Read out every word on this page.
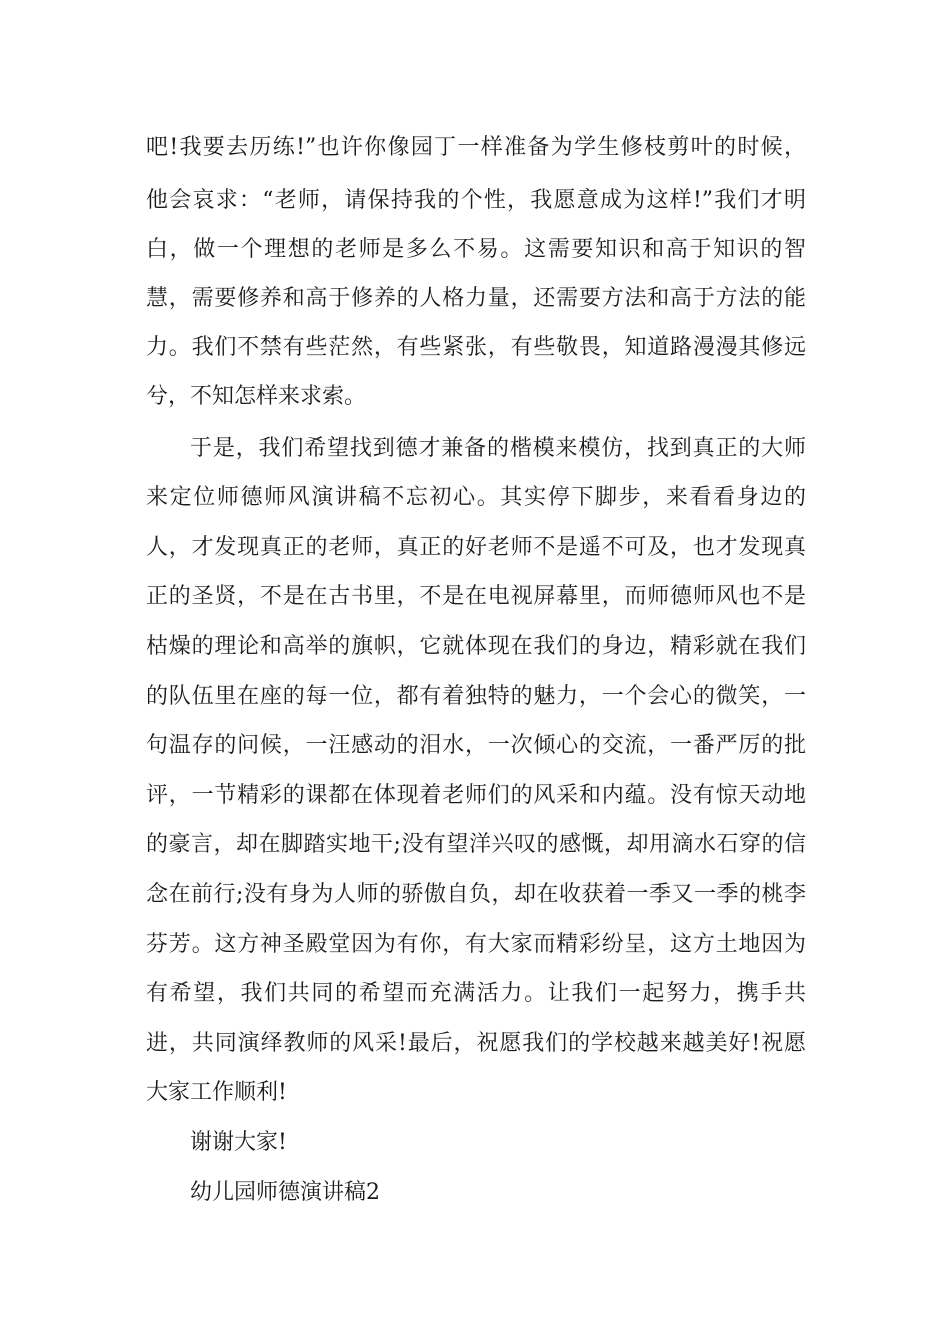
吧!我要去历练!”也许你像园丁一样准备为学生修枝剪叶的时候，
他会哀求：“老师，请保持我的个性，我愿意成为这样!”我们才明
白，做一个理想的老师是多么不易。这需要知识和高于知识的智
慧，需要修养和高于修养的人格力量，还需要方法和高于方法的能
力。我们不禁有些茫然，有些紧张，有些敬畏，知道路漫漫其修远
兮，不知怎样来求索。
于是，我们希望找到德才兼备的楷模来模仿，找到真正的大师
来定位师德师风演讲稿不忘初心。其实停下脚步，来看看身边的
人，才发现真正的老师，真正的好老师不是遥不可及，也才发现真
正的圣贤，不是在古书里，不是在电视屏幕里，而师德师风也不是
枯燥的理论和高举的旗帜，它就体现在我们的身边，精彩就在我们
的队伍里在座的每一位，都有着独特的魅力，一个会心的微笑，一
句温存的问候，一汪感动的泪水，一次倾心的交流，一番严厉的批
评，一节精彩的课都在体现着老师们的风采和内蕴。没有惊天动地
的豪言，却在脚踏实地干;没有望洋兴叹的感慨，却用滴水石穿的信
念在前行;没有身为人师的骄傲自负，却在收获着一季又一季的桃李
芬芳。这方神圣殿堂因为有你，有大家而精彩纷呈，这方土地因为
有希望，我们共同的希望而充满活力。让我们一起努力，携手共
进，共同演绎教师的风采!最后，祝愿我们的学校越来越美好!祝愿
大家工作顺利!
谢谢大家!
幼儿园师德演讲稿2
